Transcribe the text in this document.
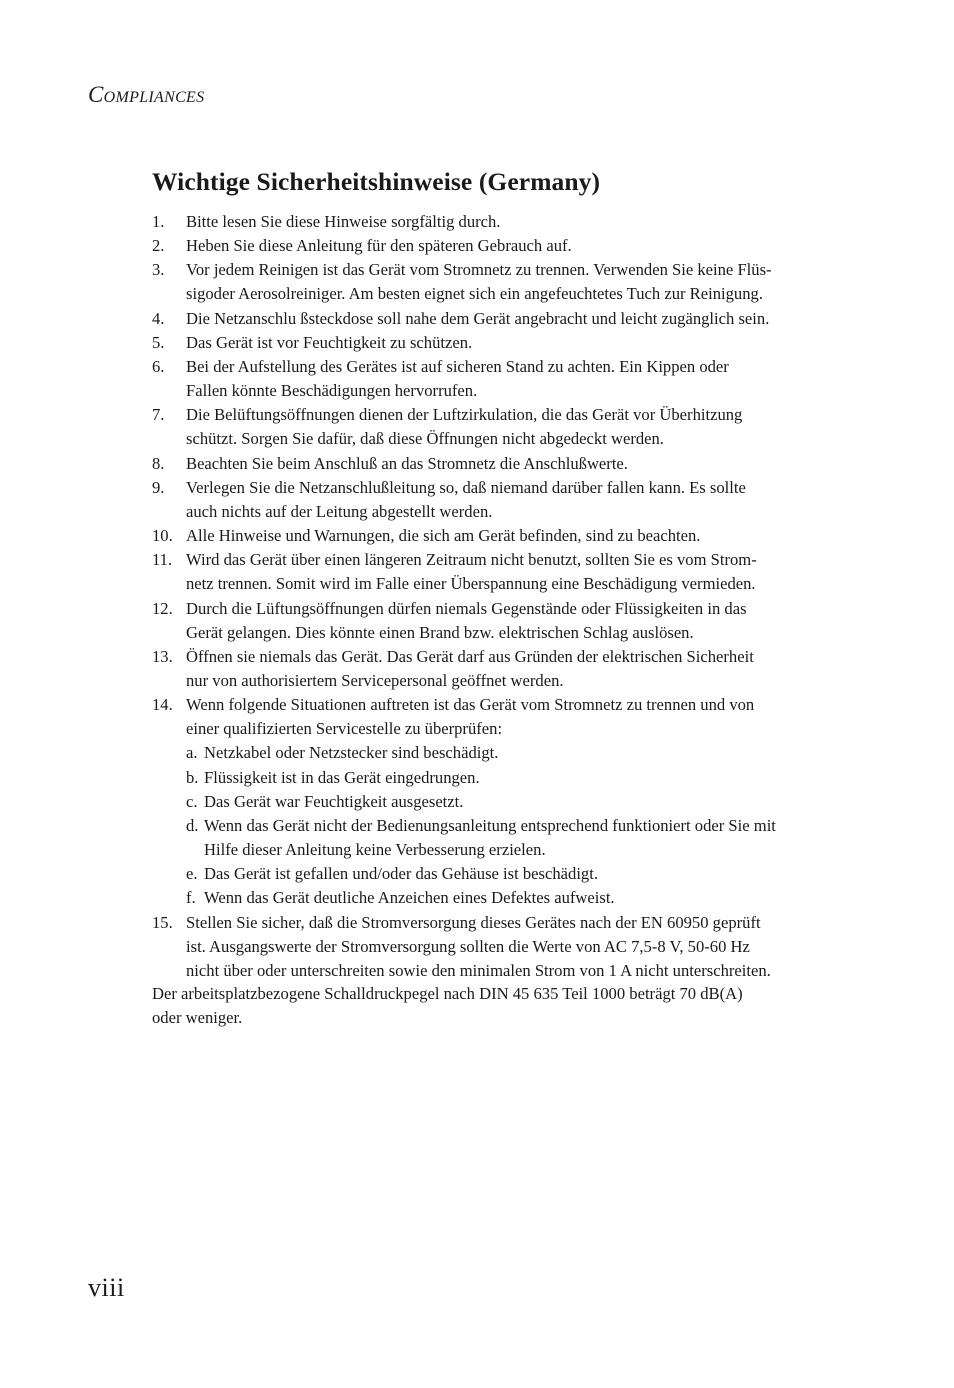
COMPLIANCES
Wichtige Sicherheitshinweise (Germany)
1. Bitte lesen Sie diese Hinweise sorgfältig durch.
2. Heben Sie diese Anleitung für den späteren Gebrauch auf.
3. Vor jedem Reinigen ist das Gerät vom Stromnetz zu trennen. Verwenden Sie keine Flüs-
sigoder Aerosolreiniger. Am besten eignet sich ein angefeuchtetes Tuch zur Reinigung.
4. Die Netzanschlu ßsteckdose soll nahe dem Gerät angebracht und leicht zugänglich sein.
5. Das Gerät ist vor Feuchtigkeit zu schützen.
6. Bei der Aufstellung des Gerätes ist auf sicheren Stand zu achten. Ein Kippen oder
Fallen könnte Beschädigungen hervorrufen.
7. Die Belüftungsöffnungen dienen der Luftzirkulation, die das Gerät vor Überhitzung
schützt. Sorgen Sie dafür, daß diese Öffnungen nicht abgedeckt werden.
8. Beachten Sie beim Anschluß an das Stromnetz die Anschlußwerte.
9. Verlegen Sie die Netzanschlußleitung so, daß niemand darüber fallen kann. Es sollte
auch nichts auf der Leitung abgestellt werden.
10. Alle Hinweise und Warnungen, die sich am Gerät befinden, sind zu beachten.
11. Wird das Gerät über einen längeren Zeitraum nicht benutzt, sollten Sie es vom Strom-
netz trennen. Somit wird im Falle einer Überspannung eine Beschädigung vermieden.
12. Durch die Lüftungsöffnungen dürfen niemals Gegenstände oder Flüssigkeiten in das
Gerät gelangen. Dies könnte einen Brand bzw. elektrischen Schlag auslösen.
13. Öffnen sie niemals das Gerät. Das Gerät darf aus Gründen der elektrischen Sicherheit
nur von authorisiertem Servicepersonal geöffnet werden.
14. Wenn folgende Situationen auftreten ist das Gerät vom Stromnetz zu trennen und von
einer qualifizierten Servicestelle zu überprüfen:
a. Netzkabel oder Netzstecker sind beschädigt.
b. Flüssigkeit ist in das Gerät eingedrungen.
c. Das Gerät war Feuchtigkeit ausgesetzt.
d. Wenn das Gerät nicht der Bedienungsanleitung entsprechend funktioniert oder Sie mit
Hilfe dieser Anleitung keine Verbesserung erzielen.
e. Das Gerät ist gefallen und/oder das Gehäuse ist beschädigt.
f. Wenn das Gerät deutliche Anzeichen eines Defektes aufweist.
15. Stellen Sie sicher, daß die Stromversorgung dieses Gerätes nach der EN 60950 geprüft
ist. Ausgangswerte der Stromversorgung sollten die Werte von AC 7,5-8 V, 50-60 Hz
nicht über oder unterschreiten sowie den minimalen Strom von 1 A nicht unterschreiten.

Der arbeitsplatzbezogene Schalldruckpegel nach DIN 45 635 Teil 1000 beträgt 70 dB(A)
oder weniger.

viii
